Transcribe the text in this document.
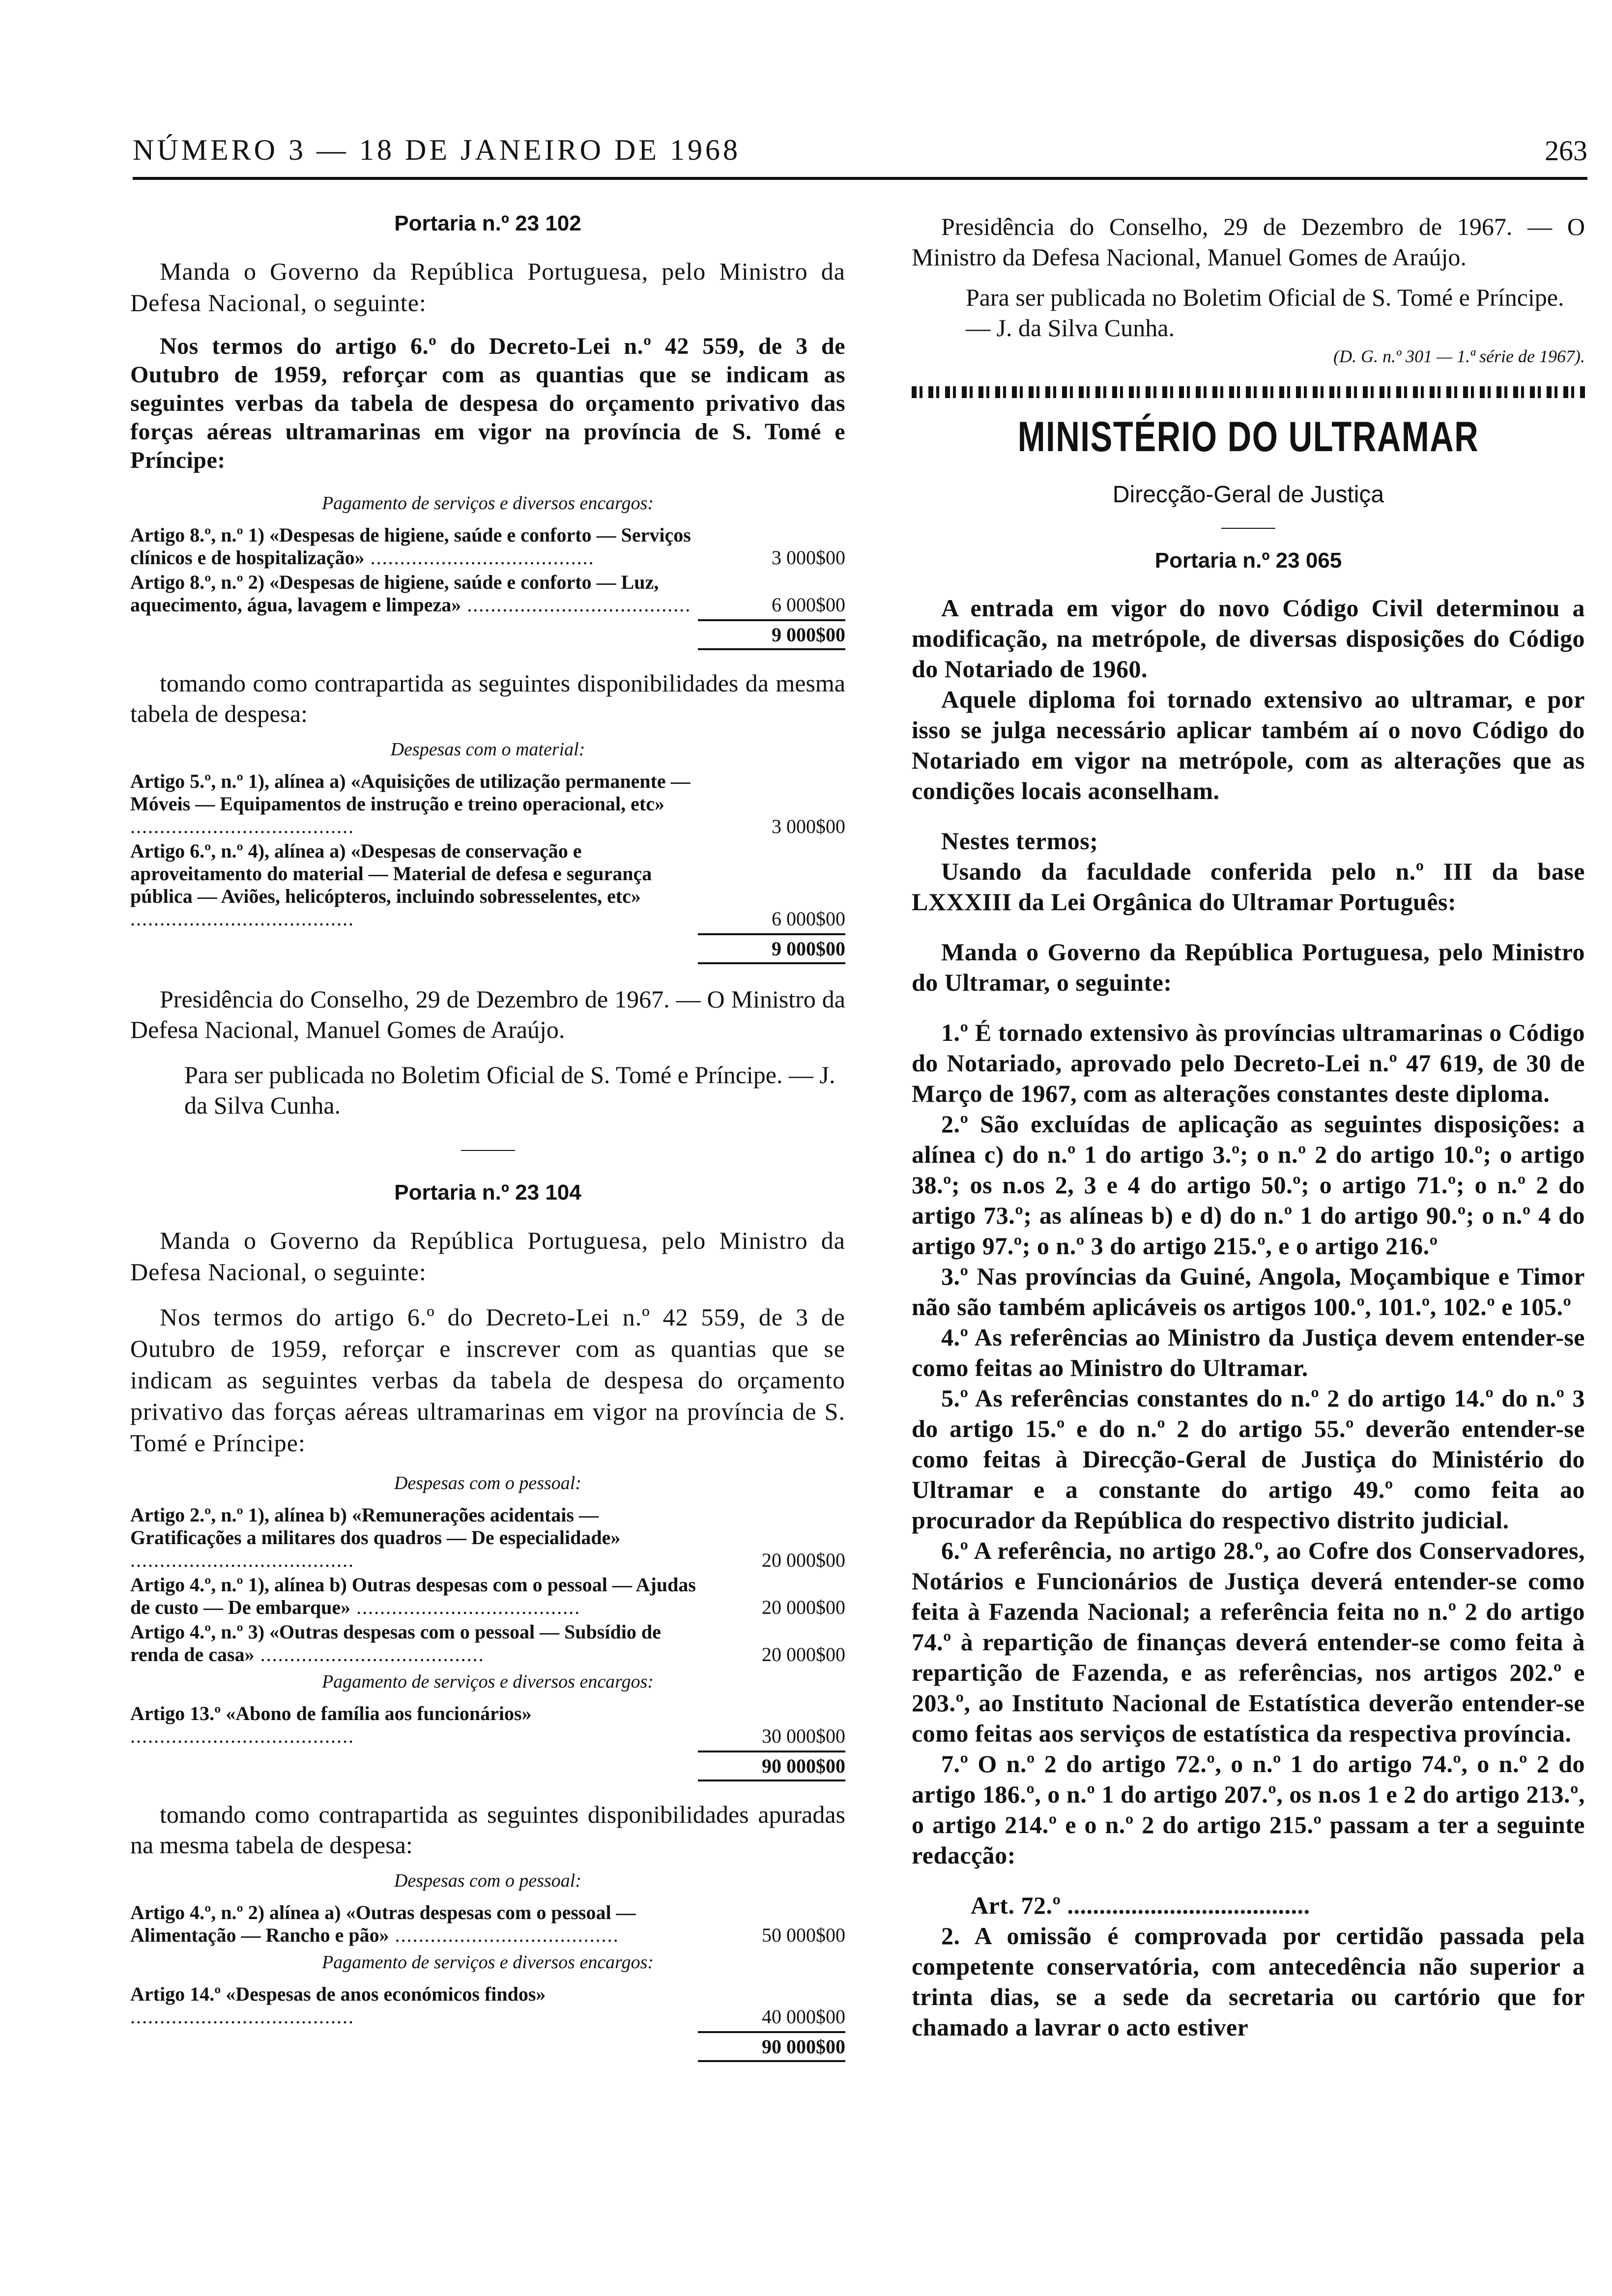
NÚMERO 3 — 18 DE JANEIRO DE 1968	263
Portaria n.º 23 102

Manda o Governo da República Portuguesa, pelo Ministro da Defesa Nacional, o seguinte:

Nos termos do artigo 6.º do Decreto-Lei n.º 42 559, de 3 de Outubro de 1959, reforçar com as quantias que se indicam as seguintes verbas da tabela de despesa do orçamento privativo das forças aéreas ultramarinas em vigor na província de S. Tomé e Príncipe:

Pagamento de serviços e diversos encargos:
Artigo 8.º, n.º 1) «Despesas de higiene, saúde e conforto — Serviços clínicos e de hospitalização» .....	3 000$00
Artigo 8.º, n.º 2) «Despesas de higiene, saúde e conforto — Luz, aquecimento, água, lavagem e limpeza» .....	6 000$00
9 000$00

tomando como contrapartida as seguintes disponibilidades da mesma tabela de despesa:

Despesas com o material:
Artigo 5.º, n.º 1), alínea a) «Aquisições de utilização permanente — Móveis — Equipamentos de instrução e treino operacional, etc» .....
3 000$00
Artigo 6.º, n.º 4), alínea a) «Despesas de conservação e aproveitamento do material — Material de defesa e segurança pública — Aviões, helicópteros, incluindo sobresselentes, etc» .....
6 000$00
9 000$00

Presidência do Conselho, 29 de Dezembro de 1967. — O Ministro da Defesa Nacional, Manuel Gomes de Araújo.

Para ser publicada no Boletim Oficial de S. Tomé e Príncipe. — J. da Silva Cunha.

Portaria n.º 23 104

Manda o Governo da República Portuguesa, pelo Ministro da Defesa Nacional, o seguinte:

Nos termos do artigo 6.º do Decreto-Lei n.º 42 559, de 3 de Outubro de 1959, reforçar e inscrever com as quantias que se indicam as seguintes verbas da tabela de despesa do orçamento privativo das forças aéreas ultramarinas em vigor na província de S. Tomé e Príncipe:

Despesas com o pessoal:
Artigo 2.º, n.º 1), alínea b) «Remunerações acidentais — Gratificações a militares dos quadros — De especialidade» .....
20 000$00
Artigo 4.º, n.º 1), alínea b) Outras despesas com o pessoal — Ajudas de custo — De embarque» .....	20 000$00
Artigo 4.º, n.º 3) «Outras despesas com o pessoal — Subsídio de renda de casa» .....	20 000$00
Pagamento de serviços e diversos encargos:
Artigo 13.º «Abono de família aos funcionários» .....
30 000$00
90 000$00

tomando como contrapartida as seguintes disponibilidades apuradas na mesma tabela de despesa:

Despesas com o pessoal:
Artigo 4.º, n.º 2) alínea a) «Outras despesas com o pessoal — Alimentação — Rancho e pão» .....	50 000$00
Pagamento de serviços e diversos encargos:
Artigo 14.º «Despesas de anos económicos findos» .....
40 000$00
90 000$00

Presidência do Conselho, 29 de Dezembro de 1967. — O Ministro da Defesa Nacional, Manuel Gomes de Araújo.

Para ser publicada no Boletim Oficial de S. Tomé e Príncipe. — J. da Silva Cunha.

(D. G. n.º 301 — 1.ª série de 1967).
MINISTÉRIO DO ULTRAMAR
Direcção-Geral de Justiça
Portaria n.º 23 065

A entrada em vigor do novo Código Civil determinou a modificação, na metrópole, de diversas disposições do Código do Notariado de 1960.

Aquele diploma foi tornado extensivo ao ultramar, e por isso se julga necessário aplicar também aí o novo Código do Notariado em vigor na metrópole, com as alterações que as condições locais aconselham.

Nestes termos;

Usando da faculdade conferida pelo n.º III da base LXXXIII da Lei Orgânica do Ultramar Português:

Manda o Governo da República Portuguesa, pelo Ministro do Ultramar, o seguinte:

1.º É tornado extensivo às províncias ultramarinas o Código do Notariado, aprovado pelo Decreto-Lei n.º 47 619, de 30 de Março de 1967, com as alterações constantes deste diploma.

2.º São excluídas de aplicação as seguintes disposições: a alínea c) do n.º 1 do artigo 3.º; o n.º 2 do artigo 10.º; o artigo 38.º; os n.os 2, 3 e 4 do artigo 50.º; o artigo 71.º; o n.º 2 do artigo 73.º; as alíneas b) e d) do n.º 1 do artigo 90.º; o n.º 4 do artigo 97.º; o n.º 3 do artigo 215.º, e o artigo 216.º

3.º Nas províncias da Guiné, Angola, Moçambique e Timor não são também aplicáveis os artigos 100.º, 101.º, 102.º e 105.º

4.º As referências ao Ministro da Justiça devem entender-se como feitas ao Ministro do Ultramar.

5.º As referências constantes do n.º 2 do artigo 14.º do n.º 3 do artigo 15.º e do n.º 2 do artigo 55.º deverão entender-se como feitas à Direcção-Geral de Justiça do Ministério do Ultramar e a constante do artigo 49.º como feita ao procurador da República do respectivo distrito judicial.

6.º A referência, no artigo 28.º, ao Cofre dos Conservadores, Notários e Funcionários de Justiça deverá entender-se como feita à Fazenda Nacional; a referência feita no n.º 2 do artigo 74.º à repartição de finanças deverá entender-se como feita à repartição de Fazenda, e as referências, nos artigos 202.º e 203.º, ao Instituto Nacional de Estatística deverão entender-se como feitas aos serviços de estatística da respectiva província.

7.º O n.º 2 do artigo 72.º, o n.º 1 do artigo 74.º, o n.º 2 do artigo 186.º, o n.º 1 do artigo 207.º, os n.os 1 e 2 do artigo 213.º, o artigo 214.º e o n.º 2 do artigo 215.º passam a ter a seguinte redacção:

Art. 72.º ......................................

2. A omissão é comprovada por certidão passada pela competente conservatória, com antecedência não superior a trinta dias, se a sede da secretaria ou cartório que for chamado a lavrar o acto estiver
